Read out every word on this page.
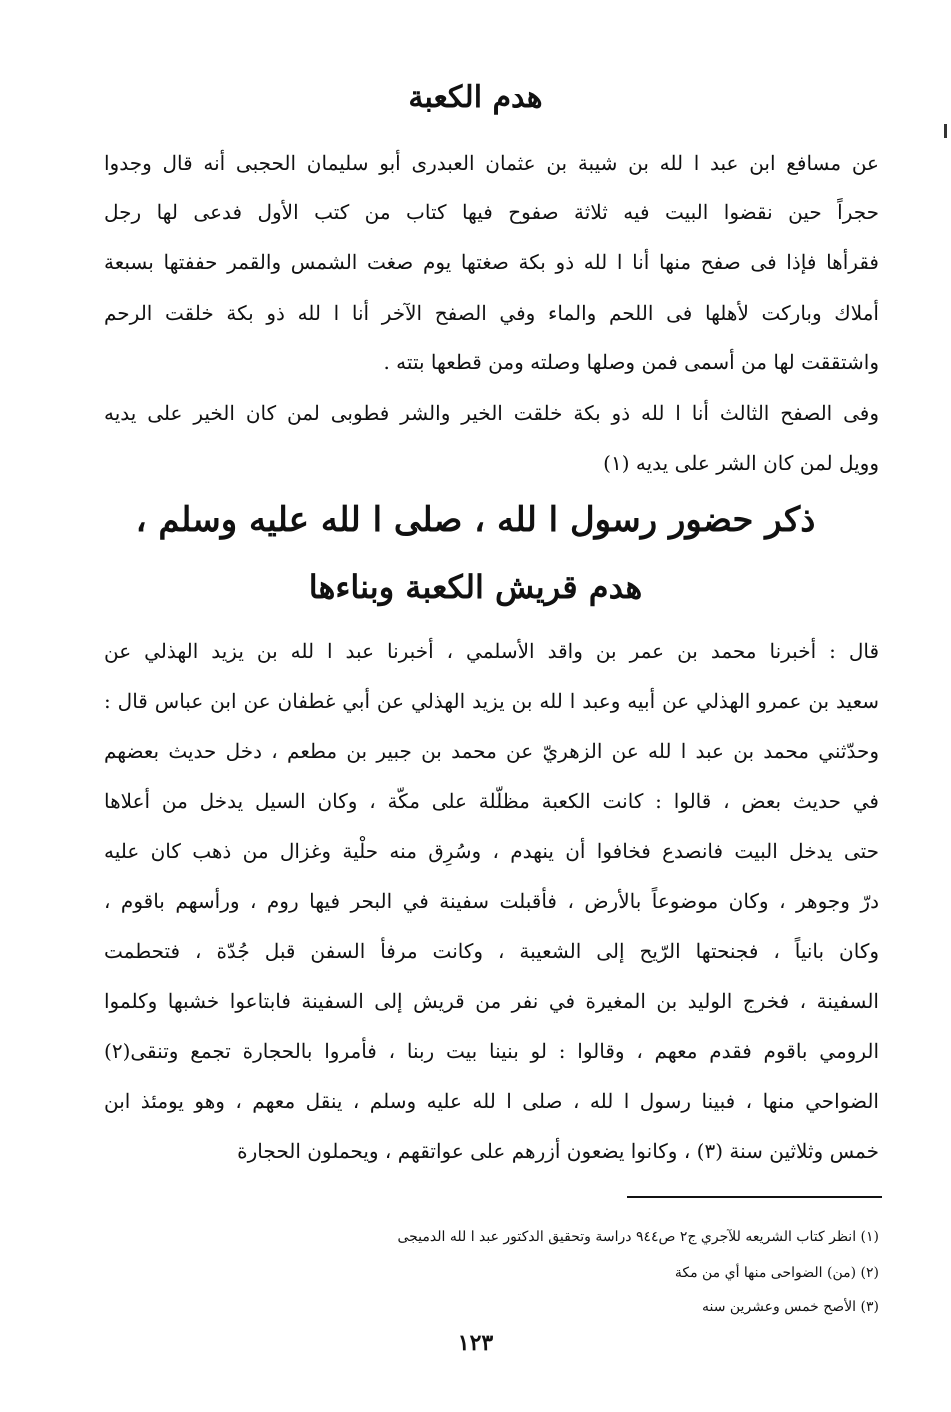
هدم الكعبة
عن مسافع ابن عبد ا لله بن شيبة بن عثمان العبدرى أبو سليمان الحجبى أنه قال وجدوا
حجراً حين نقضوا البيت فيه ثلاثة صفوح فيها كتاب من كتب الأول فدعى لها رجل
فقرأها فإذا فى صفح منها أنا ا لله ذو بكة صغتها يوم صغت الشمس والقمر حففتها بسبعة
أملاك وباركت لأهلها فى اللحم والماء وفي الصفح الآخر أنا ا لله ذو بكة خلقت الرحم
واشتققت لها من أسمى فمن وصلها وصلته ومن قطعها بتته .
وفى الصفح الثالث أنا ا لله ذو بكة خلقت الخير والشر فطوبى لمن كان الخير على يديه
وويل لمن كان الشر على يديه (١)
ذكر حضور رسول ا لله ، صلى ا لله عليه وسلم ،
هدم قريش الكعبة وبناءها
قال : أخبرنا محمد بن عمر بن واقد الأسلمي ، أخبرنا عبد ا لله بن يزيد الهذلي عن
سعيد بن عمرو الهذلي عن أبيه وعبد ا لله بن يزيد الهذلي عن أبي غطفان عن ابن عباس قال :
وحدّثني محمد بن عبد ا لله عن الزهريّ عن محمد بن جبير بن مطعم ، دخل حديث بعضهم
في حديث بعض ، قالوا : كانت الكعبة مظلّلة على مكّة ، وكان السيل يدخل من أعلاها
حتى يدخل البيت فانصدع فخافوا أن ينهدم ، وسُرِق منه حلْية وغزال من ذهب كان عليه
درّ وجوهر ، وكان موضوعاً بالأرض ، فأقبلت سفينة في البحر فيها روم ، ورأسهم باقوم ،
وكان بانياً ، فجنحتها الرّيح إلى الشعيبة ، وكانت مرفأ السفن قبل جُدّة ، فتحطمت
السفينة ، فخرج الوليد بن المغيرة في نفر من قريش إلى السفينة فابتاعوا خشبها وكلموا
الرومي باقوم فقدم معهم ، وقالوا : لو بنينا بيت ربنا ، فأمروا بالحجارة تجمع وتنقى(٢)
الضواحي منها ، فبينا رسول ا لله ، صلى ا لله عليه وسلم ، ينقل معهم ، وهو يومئذ ابن
خمس وثلاثين سنة (٣) ، وكانوا يضعون أزرهم على عواتقهم ، ويحملون الحجارة
(١) انظر كتاب الشريعه للآجري ج٢ ص٩٤٤ دراسة وتحقيق الدكتور عبد ا لله الدميجى
(٢) (من) الضواحى منها أي من مكة
(٣) الأصح خمس وعشرين سنه
١٢٣
